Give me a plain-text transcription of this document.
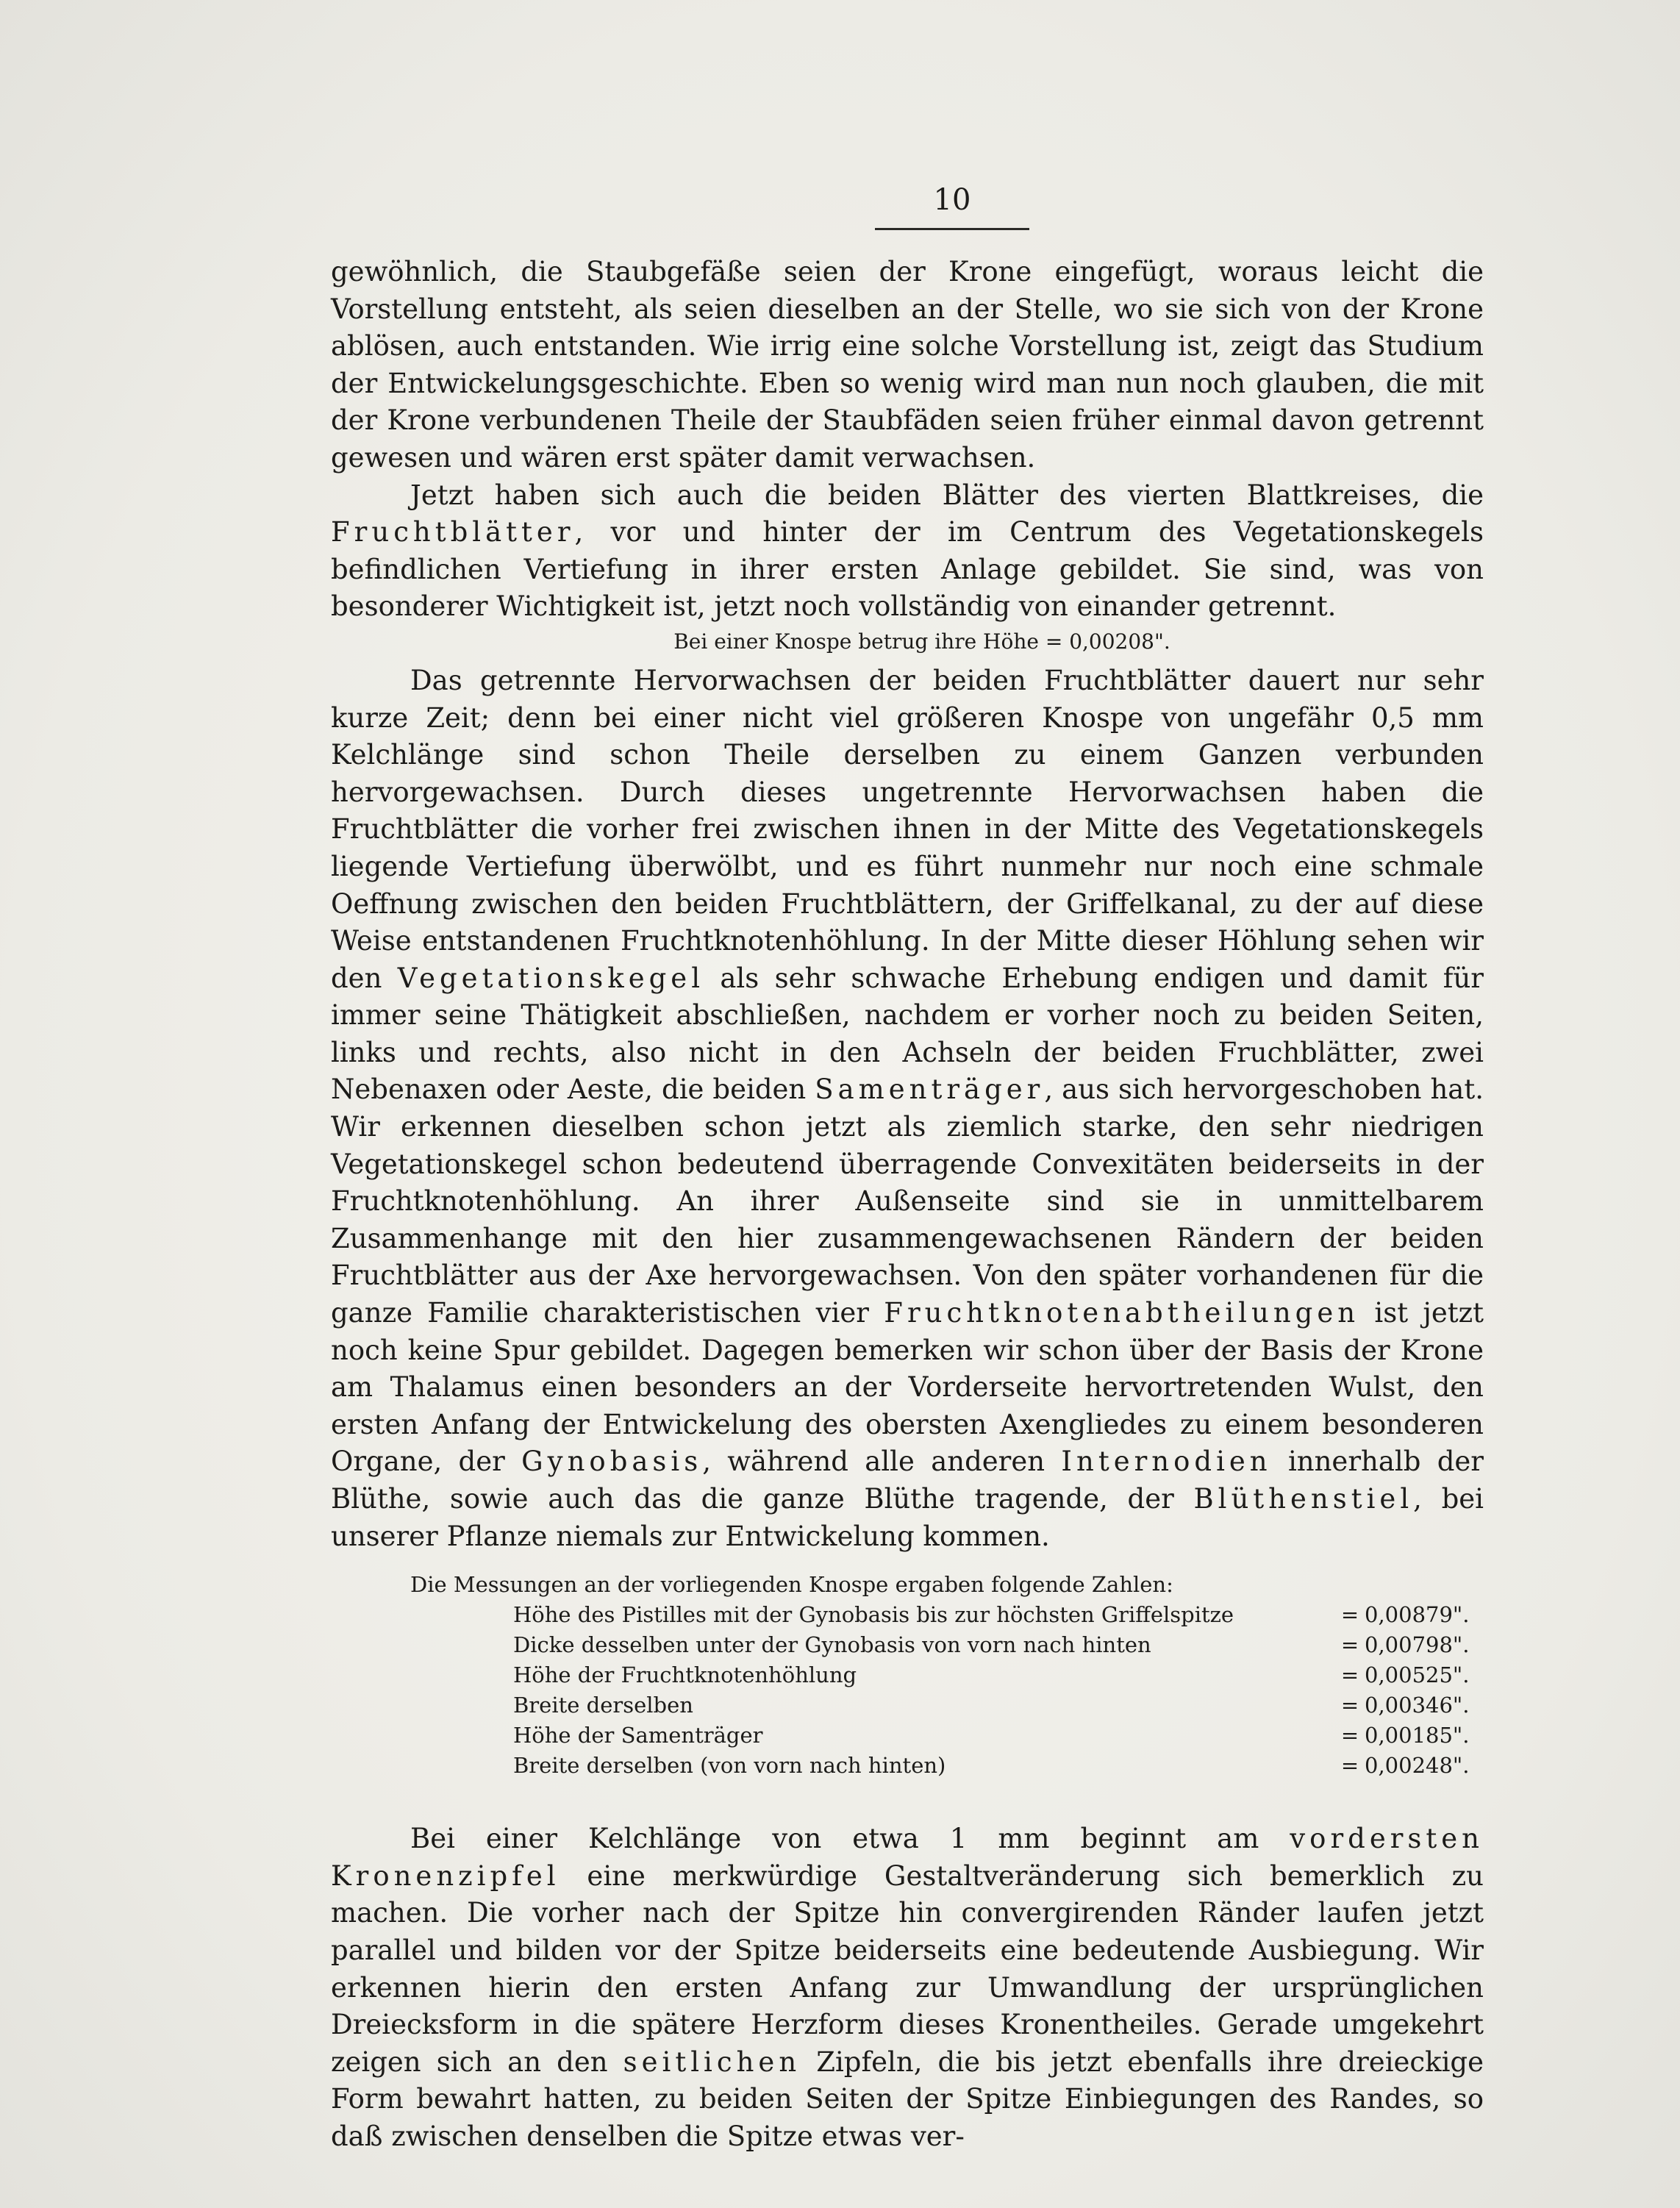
10

gewöhnlich, die Staubgefäße seien der Krone eingefügt, woraus leicht die Vorstellung entsteht, als seien dieselben an der Stelle, wo sie sich von der Krone ablösen, auch entstanden. Wie irrig eine solche Vorstellung ist, zeigt das Studium der Entwickelungsgeschichte. Eben so wenig wird man nun noch glauben, die mit der Krone verbundenen Theile der Staubfäden seien früher einmal davon getrennt gewesen und wären erst später damit verwachsen.

Jetzt haben sich auch die beiden Blätter des vierten Blattkreises, die Fruchtblätter, vor und hinter der im Centrum des Vegetationskegels befindlichen Vertiefung in ihrer ersten Anlage gebildet. Sie sind, was von besonderer Wichtigkeit ist, jetzt noch vollständig von einander getrennt.

Bei einer Knospe betrug ihre Höhe = 0,00208".

Das getrennte Hervorwachsen der beiden Fruchtblätter dauert nur sehr kurze Zeit; denn bei einer nicht viel größeren Knospe von ungefähr 0,5 mm Kelchlänge sind schon Theile derselben zu einem Ganzen verbunden hervorgewachsen. Durch dieses ungetrennte Hervorwachsen haben die Fruchtblätter die vorher frei zwischen ihnen in der Mitte des Vegetationskegels liegende Vertiefung überwölbt, und es führt nunmehr nur noch eine schmale Oeffnung zwischen den beiden Fruchtblättern, der Griffelkanal, zu der auf diese Weise entstandenen Fruchtknotenhöhlung. In der Mitte dieser Höhlung sehen wir den Vegetationskegel als sehr schwache Erhebung endigen und damit für immer seine Thätigkeit abschließen, nachdem er vorher noch zu beiden Seiten, links und rechts, also nicht in den Achseln der beiden Fruchblätter, zwei Nebenaxen oder Aeste, die beiden Samenträger, aus sich hervorgeschoben hat. Wir erkennen dieselben schon jetzt als ziemlich starke, den sehr niedrigen Vegetationskegel schon bedeutend überragende Convexitäten beiderseits in der Fruchtknotenhöhlung. An ihrer Außenseite sind sie in unmittelbarem Zusammenhange mit den hier zusammengewachsenen Rändern der beiden Fruchtblätter aus der Axe hervorgewachsen. Von den später vorhandenen für die ganze Familie charakteristischen vier Fruchtknotenabtheilungen ist jetzt noch keine Spur gebildet. Dagegen bemerken wir schon über der Basis der Krone am Thalamus einen besonders an der Vorderseite hervortretenden Wulst, den ersten Anfang der Entwickelung des obersten Axengliedes zu einem besonderen Organe, der Gynobasis, während alle anderen Internodien innerhalb der Blüthe, sowie auch das die ganze Blüthe tragende, der Blüthenstiel, bei unserer Pflanze niemals zur Entwickelung kommen.

Die Messungen an der vorliegenden Knospe ergaben folgende Zahlen:

Höhe des Pistilles mit der Gynobasis bis zur höchsten Griffelspitze	= 0,00879".
Dicke desselben unter der Gynobasis von vorn nach hinten	= 0,00798".
Höhe der Fruchtknotenhöhlung	= 0,00525".
Breite derselben	= 0,00346".
Höhe der Samenträger	= 0,00185".
Breite derselben (von vorn nach hinten)	= 0,00248".

Bei einer Kelchlänge von etwa 1 mm beginnt am vordersten Kronenzipfel eine merkwürdige Gestaltveränderung sich bemerklich zu machen. Die vorher nach der Spitze hin convergirenden Ränder laufen jetzt parallel und bilden vor der Spitze beiderseits eine bedeutende Ausbiegung. Wir erkennen hierin den ersten Anfang zur Umwandlung der ursprünglichen Dreiecksform in die spätere Herzform dieses Kronentheiles. Gerade umgekehrt zeigen sich an den seitlichen Zipfeln, die bis jetzt ebenfalls ihre dreieckige Form bewahrt hatten, zu beiden Seiten der Spitze Einbiegungen des Randes, so daß zwischen denselben die Spitze etwas ver-
